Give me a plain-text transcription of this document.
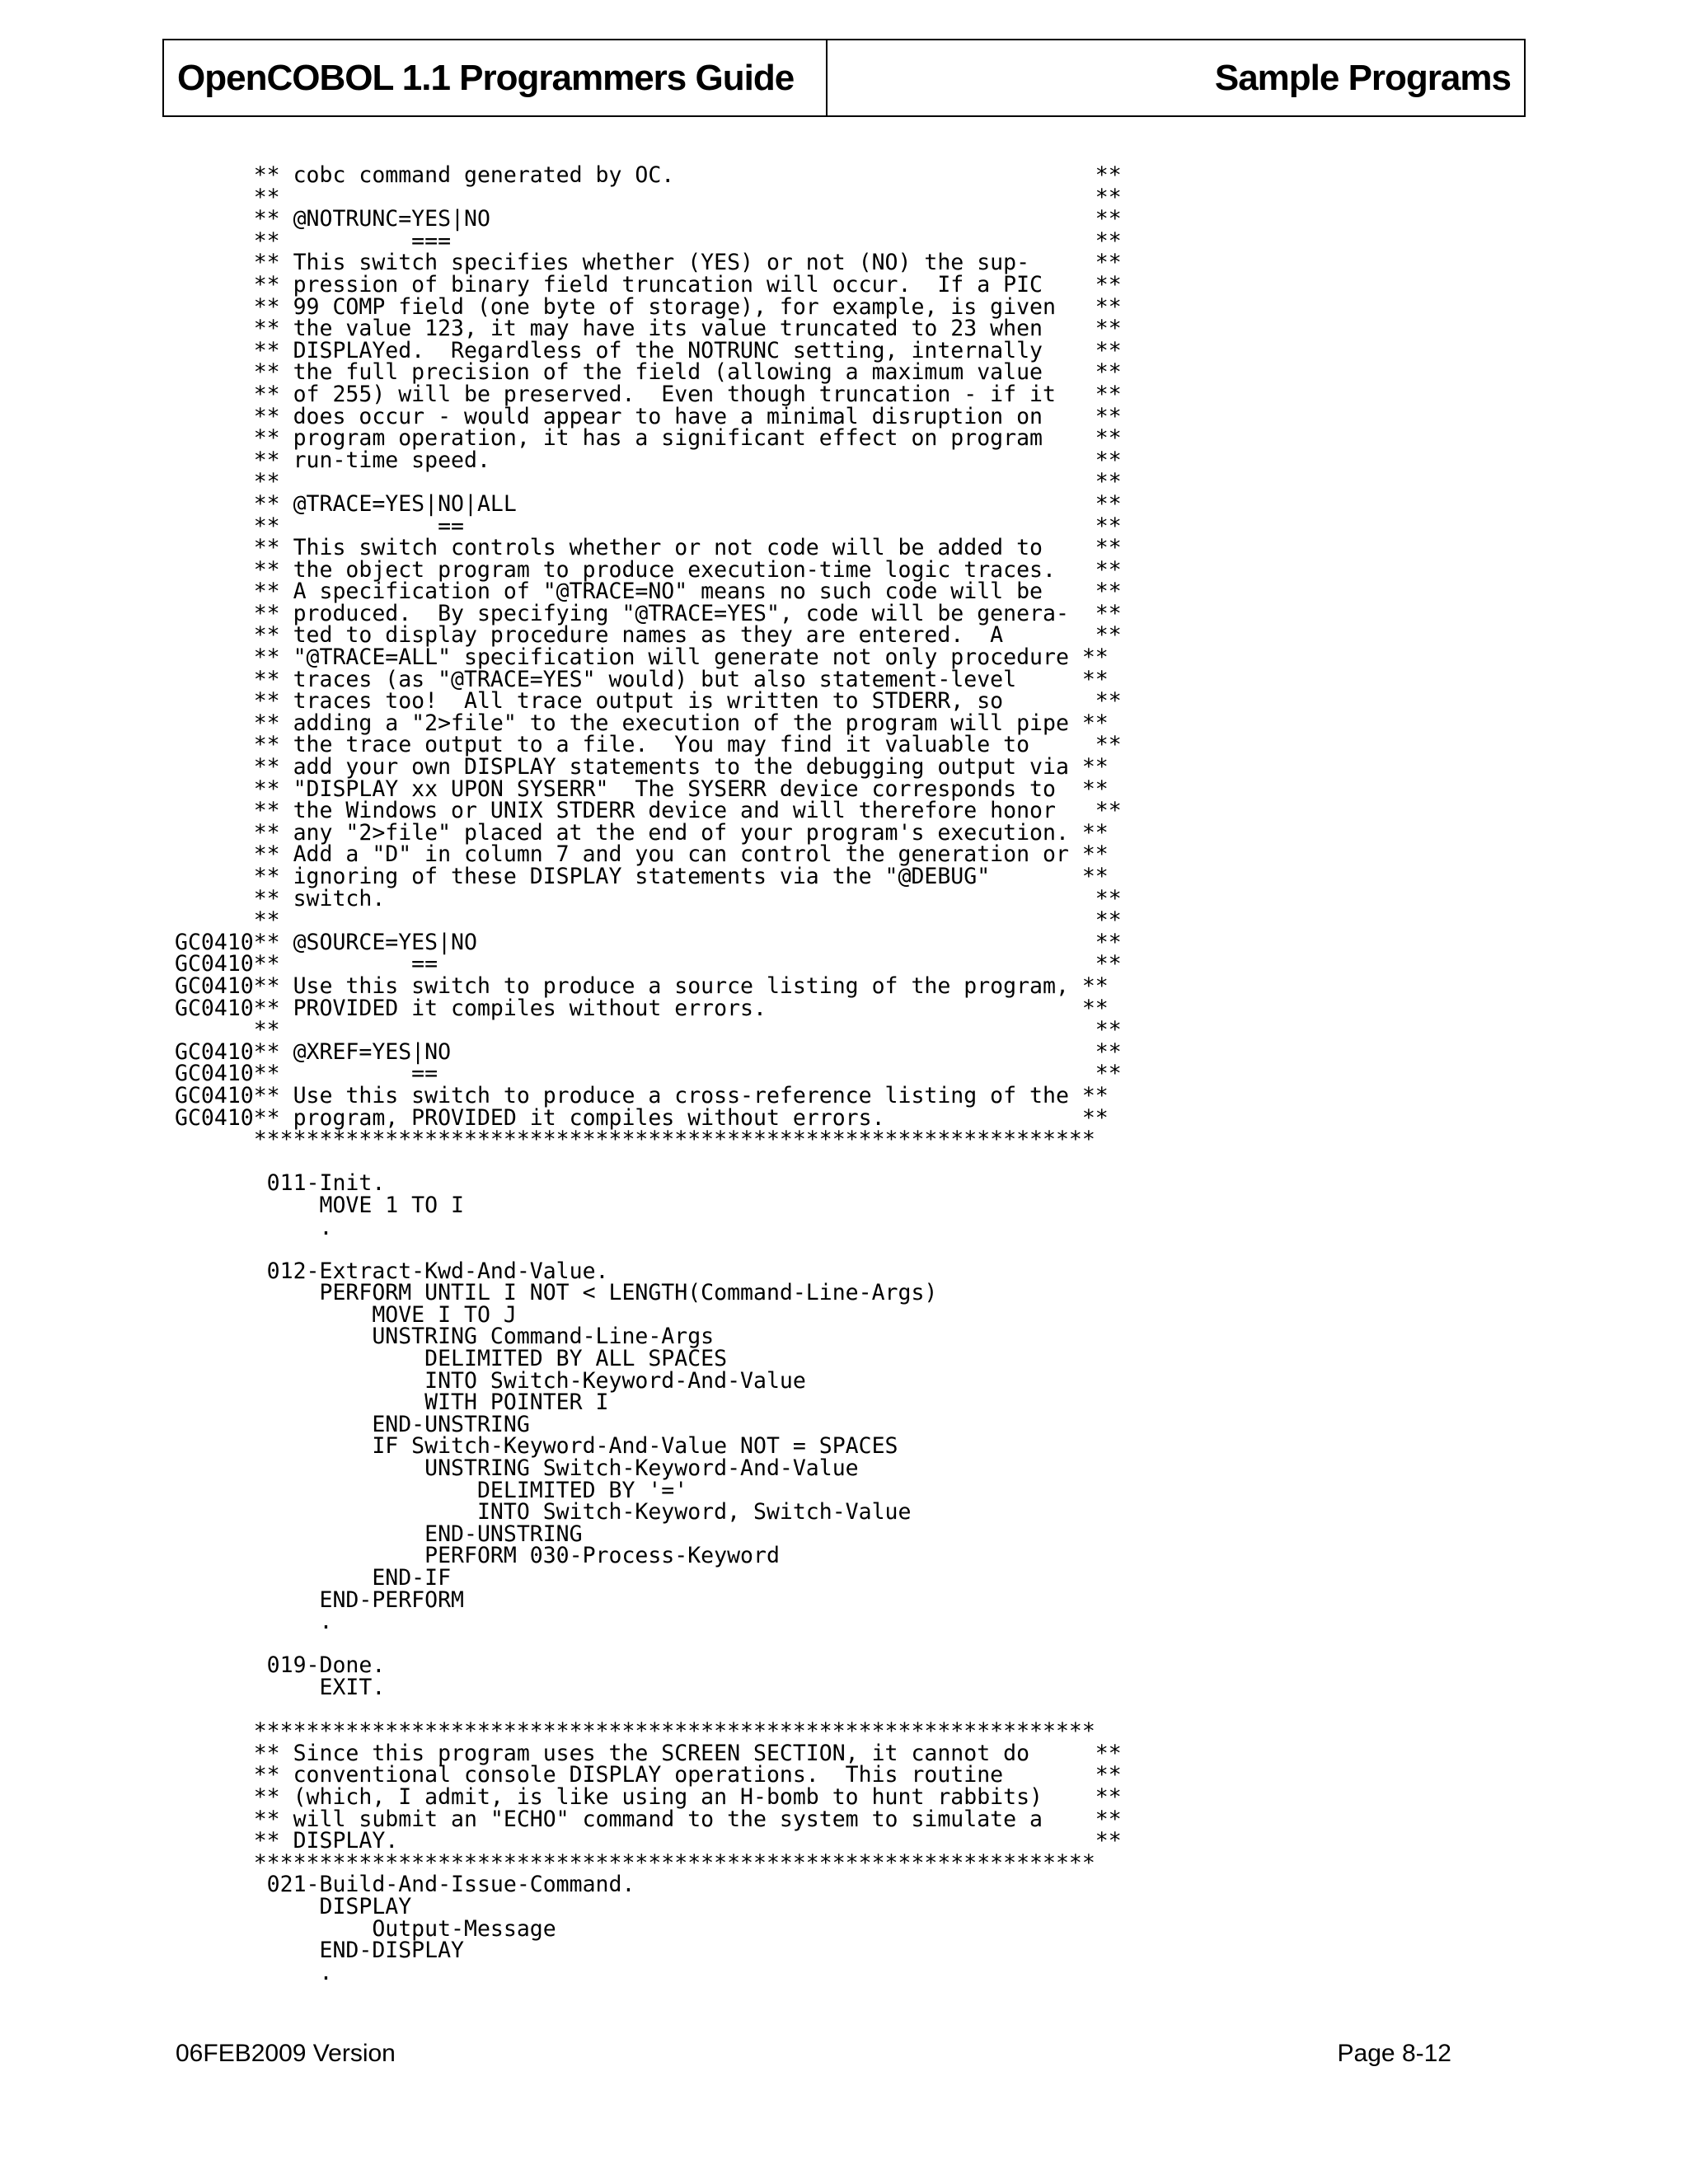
OpenCOBOL 1.1 Programmers Guide	Sample Programs
** cobc command generated by OC.                                **
**                                                              **
** @NOTRUNC=YES|NO                                              **
**          ===                                                 **
** This switch specifies whether (YES) or not (NO) the sup-     **
** pression of binary field truncation will occur.  If a PIC    **
** 99 COMP field (one byte of storage), for example, is given   **
** the value 123, it may have its value truncated to 23 when    **
** DISPLAYed.  Regardless of the NOTRUNC setting, internally    **
** the full precision of the field (allowing a maximum value    **
** of 255) will be preserved.  Even though truncation - if it   **
** does occur - would appear to have a minimal disruption on    **
** program operation, it has a significant effect on program    **
** run-time speed.                                              **
**                                                              **
** @TRACE=YES|NO|ALL                                            **
**            ==                                                **
** This switch controls whether or not code will be added to    **
** the object program to produce execution-time logic traces.   **
** A specification of "@TRACE=NO" means no such code will be    **
** produced.  By specifying "@TRACE=YES", code will be genera-  **
** ted to display procedure names as they are entered.  A       **
** "@TRACE=ALL" specification will generate not only procedure **
** traces (as "@TRACE=YES" would) but also statement-level     **
** traces too!  All trace output is written to STDERR, so       **
** adding a "2>file" to the execution of the program will pipe **
** the trace output to a file.  You may find it valuable to     **
** add your own DISPLAY statements to the debugging output via **
** "DISPLAY xx UPON SYSERR"  The SYSERR device corresponds to  **
** the Windows or UNIX STDERR device and will therefore honor   **
** any "2>file" placed at the end of your program's execution. **
** Add a "D" in column 7 and you can control the generation or **
** ignoring of these DISPLAY statements via the "@DEBUG"       **
** switch.                                                      **
**                                                              **
GC0410** @SOURCE=YES|NO                                               **
GC0410**          ==                                                  **
GC0410** Use this switch to produce a source listing of the program, **
GC0410** PROVIDED it compiles without errors.                        **
**                                                              **
GC0410** @XREF=YES|NO                                                 **
GC0410**          ==                                                  **
GC0410** Use this switch to produce a cross-reference listing of the **
GC0410** program, PROVIDED it compiles without errors.               **
****************************************************************
011-Init.
MOVE 1 TO I
.
012-Extract-Kwd-And-Value.
PERFORM UNTIL I NOT < LENGTH(Command-Line-Args)
MOVE I TO J
UNSTRING Command-Line-Args
DELIMITED BY ALL SPACES
INTO Switch-Keyword-And-Value
WITH POINTER I
END-UNSTRING
IF Switch-Keyword-And-Value NOT = SPACES
UNSTRING Switch-Keyword-And-Value
DELIMITED BY '='
INTO Switch-Keyword, Switch-Value
END-UNSTRING
PERFORM 030-Process-Keyword
END-IF
END-PERFORM
.
019-Done.
EXIT.
****************************************************************
** Since this program uses the SCREEN SECTION, it cannot do     **
** conventional console DISPLAY operations.  This routine       **
** (which, I admit, is like using an H-bomb to hunt rabbits)    **
** will submit an "ECHO" command to the system to simulate a    **
** DISPLAY.                                                     **
****************************************************************
021-Build-And-Issue-Command.
DISPLAY
Output-Message
END-DISPLAY
.
06FEB2009 Version	Page 8-12
